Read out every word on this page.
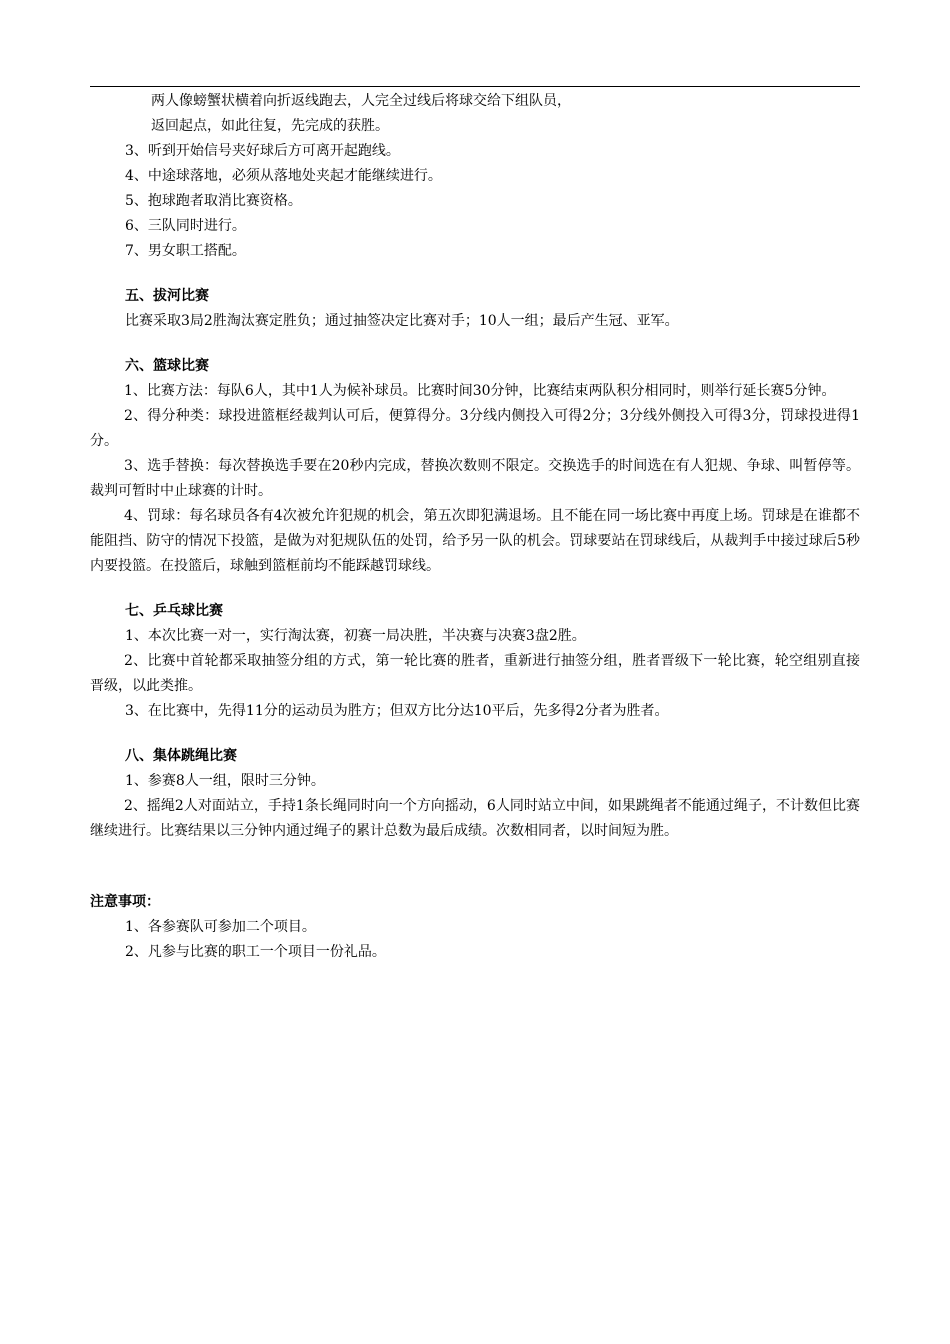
两人像螃蟹状横着向折返线跑去，人完全过线后将球交给下组队员，
返回起点，如此往复，先完成的获胜。
3、听到开始信号夹好球后方可离开起跑线。
4、中途球落地，必须从落地处夹起才能继续进行。
5、抱球跑者取消比赛资格。
6、三队同时进行。
7、男女职工搭配。
五、拔河比赛
比赛采取3局2胜淘汰赛定胜负；通过抽签决定比赛对手；10人一组；最后产生冠、亚军。
六、篮球比赛
1、比赛方法：每队6人，其中1人为候补球员。比赛时间30分钟，比赛结束两队积分相同时，则举行延长赛5分钟。
2、得分种类：球投进篮框经裁判认可后，便算得分。3分线内侧投入可得2分；3分线外侧投入可得3分，罚球投进得1分。
3、选手替换：每次替换选手要在20秒内完成，替换次数则不限定。交换选手的时间选在有人犯规、争球、叫暂停等。裁判可暂时中止球赛的计时。
4、罚球：每名球员各有4次被允许犯规的机会，第五次即犯满退场。且不能在同一场比赛中再度上场。罚球是在谁都不能阻挡、防守的情况下投篮，是做为对犯规队伍的处罚，给予另一队的机会。罚球要站在罚球线后，从裁判手中接过球后5秒内要投篮。在投篮后，球触到篮框前均不能踩越罚球线。
七、乒乓球比赛
1、本次比赛一对一，实行淘汰赛，初赛一局决胜，半决赛与决赛3盘2胜。
2、比赛中首轮都采取抽签分组的方式，第一轮比赛的胜者，重新进行抽签分组，胜者晋级下一轮比赛，轮空组别直接晋级，以此类推。
3、在比赛中，先得11分的运动员为胜方；但双方比分达10平后，先多得2分者为胜者。
八、集体跳绳比赛
1、参赛8人一组，限时三分钟。
2、摇绳2人对面站立，手持1条长绳同时向一个方向摇动，6人同时站立中间，如果跳绳者不能通过绳子，不计数但比赛继续进行。比赛结果以三分钟内通过绳子的累计总数为最后成绩。次数相同者，以时间短为胜。
注意事项：
1、各参赛队可参加二个项目。
2、凡参与比赛的职工一个项目一份礼品。
